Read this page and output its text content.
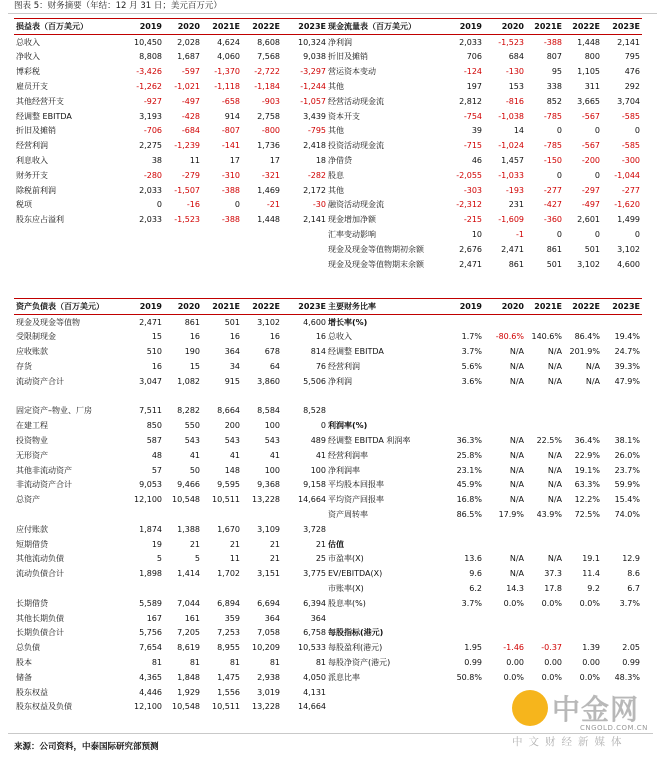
图表 5：财务摘要（年结：12 月 31 日；美元百万元）
损益表（百万美元）	2019	2020	2021E	2022E	2023E
总收入	10,450	2,028	4,624	8,608	10,324
净收入	8,808	1,687	4,060	7,568	9,038
博彩税	-3,426	-597	-1,370	-2,722	-3,297
雇员开支	-1,262	-1,021	-1,118	-1,184	-1,244
其他经营开支	-927	-497	-658	-903	-1,057
经调整 EBITDA	3,193	-428	914	2,758	3,439
折旧及摊销	-706	-684	-807	-800	-795
经营利润	2,275	-1,239	-141	1,736	2,418
利息收入	38	11	17	17	18
财务开支	-280	-279	-310	-321	-282
除税前利润	2,033	-1,507	-388	1,469	2,172
税项	0	-16	0	-21	-30
股东应占溢利	2,033	-1,523	-388	1,448	2,141
现金流量表（百万美元）	2019	2020	2021E	2022E	2023E
净利润	2,033	-1,523	-388	1,448	2,141
折旧及摊销	706	684	807	800	795
营运资本变动	-124	-130	95	1,105	476
其他	197	153	338	311	292
经营活动现金流	2,812	-816	852	3,665	3,704
资本开支	-754	-1,038	-785	-567	-585
其他	39	14	0	0	0
投资活动现金流	-715	-1,024	-785	-567	-585
净借贷	46	1,457	-150	-200	-300
股息	-2,055	-1,033	0	0	-1,044
其他	-303	-193	-277	-297	-277
融资活动现金流	-2,312	231	-427	-497	-1,620
现金增加净额	-215	-1,609	-360	2,601	1,499
汇率变动影响	10	-1	0	0	0
现金及现金等值物期初余额	2,676	2,471	861	501	3,102
现金及现金等值物期末余额	2,471	861	501	3,102	4,600
资产负债表（百万美元）	2019	2020	2021E	2022E	2023E
现金及现金等值物	2,471	861	501	3,102	4,600
受限制现金	15	16	16	16	16
应收账款	510	190	364	678	814
存货	16	15	34	64	76
流动资产合计	3,047	1,082	915	3,860	5,506

固定资产–物业、厂房	7,511	8,282	8,664	8,584	8,528
在建工程	850	550	200	100	0
投资物业	587	543	543	543	489
无形资产	48	41	41	41	41
其他非流动资产	57	50	148	100	100
非流动资产合计	9,053	9,466	9,595	9,368	9,158
总资产	12,100	10,548	10,511	13,228	14,664

应付账款	1,874	1,388	1,670	3,109	3,728
短期借贷	19	21	21	21	21
其他流动负债	5	5	11	21	25
流动负债合计	1,898	1,414	1,702	3,151	3,775

长期借贷	5,589	7,044	6,894	6,694	6,394
其他长期负债	167	161	359	364	364
长期负债合计	5,756	7,205	7,253	7,058	6,758
总负债	7,654	8,619	8,955	10,209	10,533
股本	81	81	81	81	81
储备	4,365	1,848	1,475	2,938	4,050
股东权益	4,446	1,929	1,556	3,019	4,131
股东权益及负债	12,100	10,548	10,511	13,228	14,664
主要财务比率	2019	2020	2021E	2022E	2023E
增长率(%)					
总收入	1.7%	-80.6%	140.6%	86.4%	19.4%
经调整 EBITDA	3.7%	N/A	N/A	201.9%	24.7%
经营利润	5.6%	N/A	N/A	N/A	39.3%
净利润	3.6%	N/A	N/A	N/A	47.9%

利润率(%)					
经调整 EBITDA 利润率	36.3%	N/A	22.5%	36.4%	38.1%
经营利润率	25.8%	N/A	N/A	22.9%	26.0%
净利润率	23.1%	N/A	N/A	19.1%	23.7%
平均股本回报率	45.9%	N/A	N/A	63.3%	59.9%
平均资产回报率	16.8%	N/A	N/A	12.2%	15.4%
资产周转率	86.5%	17.9%	43.9%	72.5%	74.0%

估值					
市盈率(X)	13.6	N/A	N/A	19.1	12.9
EV/EBITDA(X)	9.6	N/A	37.3	11.4	8.6
市账率(X)	6.2	14.3	17.8	9.2	6.7
股息率(%)	3.7%	0.0%	0.0%	0.0%	3.7%

每股指标(港元)					
每股盈利(港元)	1.95	-1.46	-0.37	1.39	2.05
每股净资产(港元)	0.99	0.00	0.00	0.00	0.99
派息比率	50.8%	0.0%	0.0%	0.0%	48.3%
来源：公司资料，中泰国际研究部预测
中金网
CNGOLD.COM.CN
中文财经新媒体
